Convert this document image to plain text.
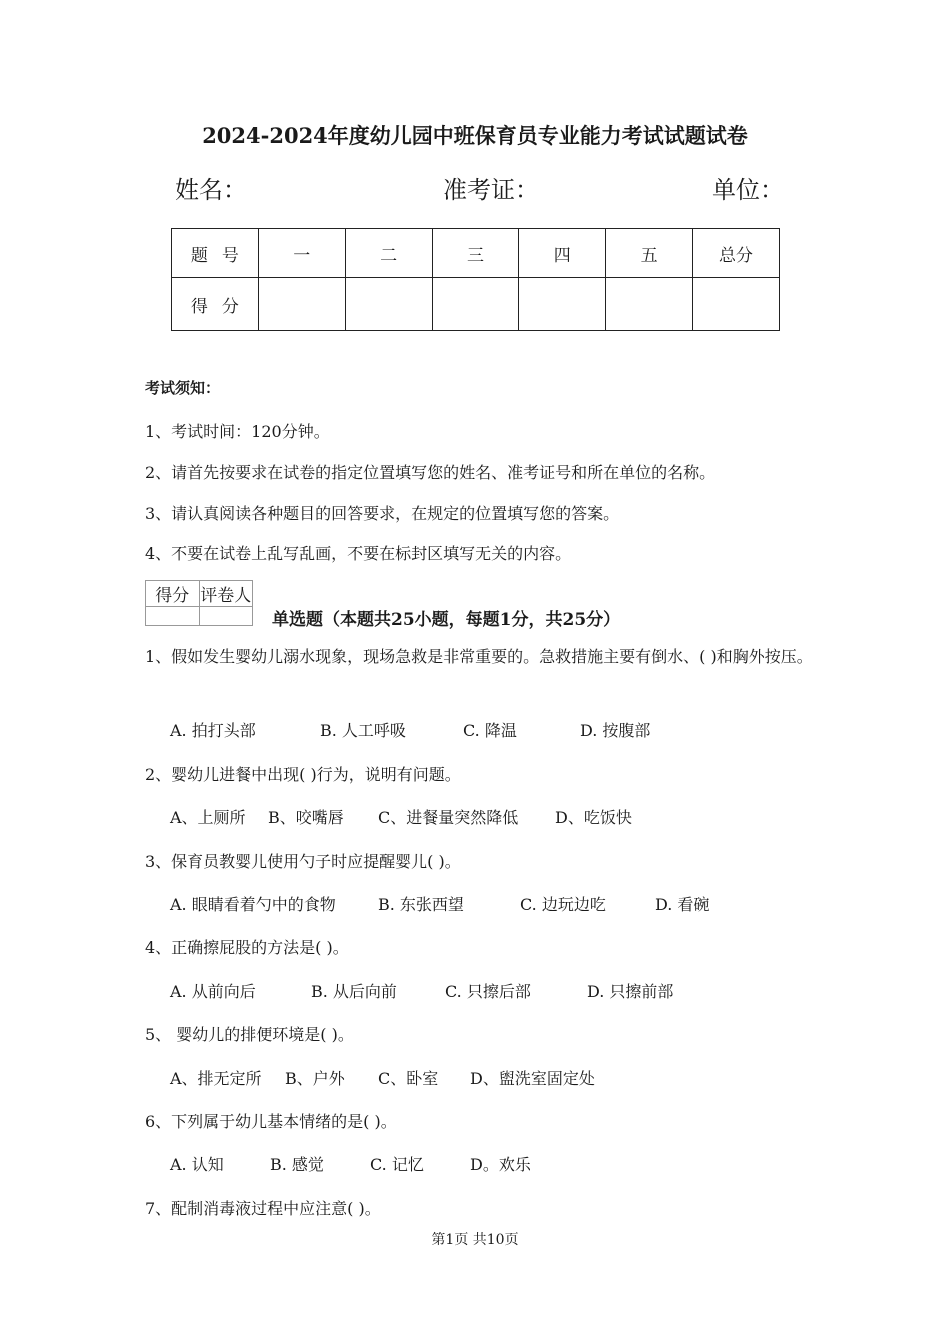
2024-2024年度幼儿园中班保育员专业能力考试试题试卷
姓名：	准考证：	单位：
题号	一	二	三	四	五	总分
得分						
考试须知：
1、考试时间：120分钟。
2、请首先按要求在试卷的指定位置填写您的姓名、准考证号和所在单位的名称。
3、请认真阅读各种题目的回答要求，在规定的位置填写您的答案。
4、不要在试卷上乱写乱画，不要在标封区填写无关的内容。
得分	评卷人

单选题（本题共25小题，每题1分，共25分）
1、假如发生婴幼儿溺水现象，现场急救是非常重要的。急救措施主要有倒水、( )和胸外按压。
A. 拍打头部	B. 人工呼吸	C. 降温	D. 按腹部
2、婴幼儿进餐中出现( )行为，说明有问题。
A、上厕所 B、咬嘴唇 C、进餐量突然降低 D、吃饭快
3、保育员教婴儿使用勺子时应提醒婴儿( )。
A. 眼睛看着勺中的食物	B. 东张西望	C. 边玩边吃	D. 看碗
4、正确擦屁股的方法是( )。
A. 从前向后	B. 从后向前	C. 只擦后部	D. 只擦前部
5、 婴幼儿的排便环境是( )。
A、排无定所 B、户外 C、卧室 D、盥洗室固定处
6、下列属于幼儿基本情绪的是( )。
A. 认知	B. 感觉	C. 记忆	D。欢乐
7、配制消毒液过程中应注意( )。
第1页 共10页
